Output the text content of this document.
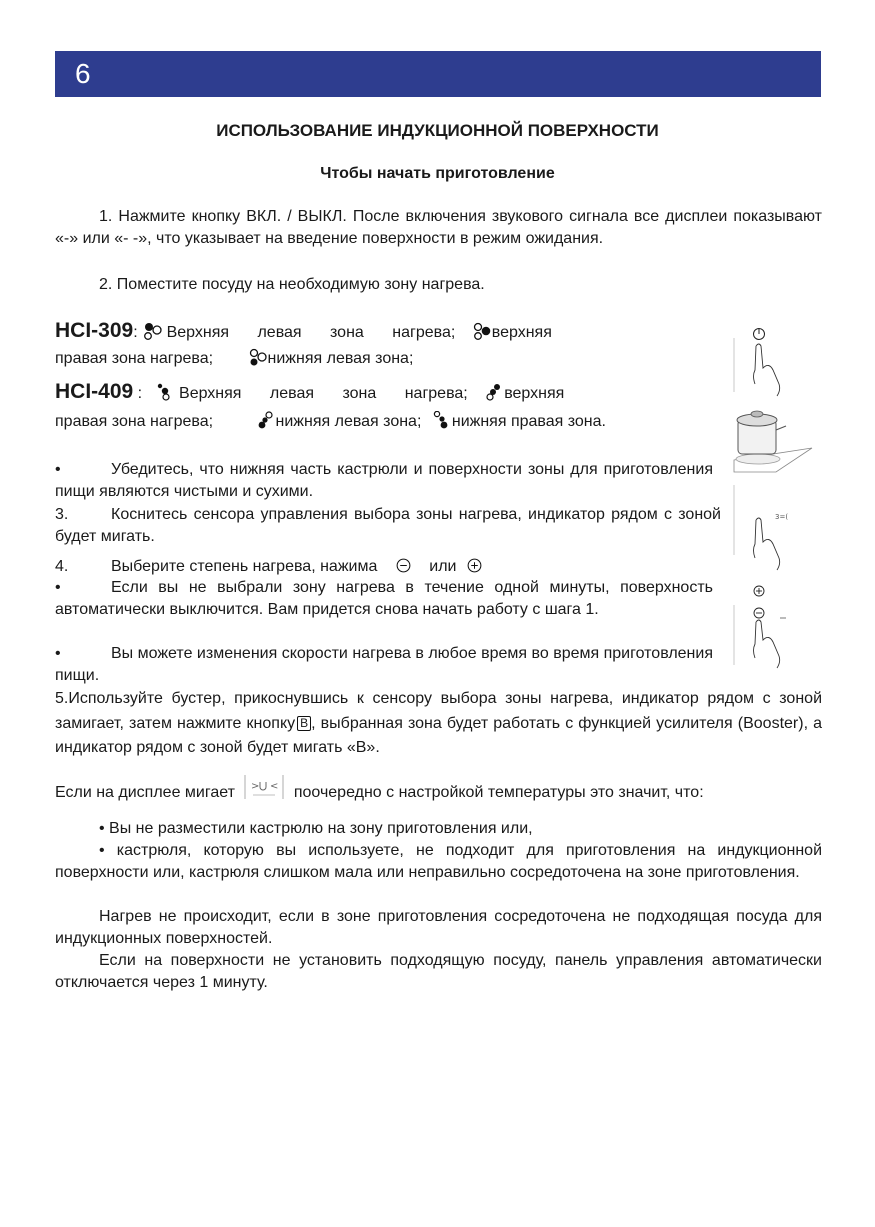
6
ИСПОЛЬЗОВАНИЕ ИНДУКЦИОННОЙ ПОВЕРХНОСТИ
Чтобы начать приготовление

1. Нажмите кнопку ВКЛ. / ВЫКЛ. После включения звукового сигнала все дисплеи показывают «-» или «- -», что указывает на введение поверхности в режим ожидания.

2. Поместите посуду на необходимую зону нагрева.

HCI-309: Верхняя левая зона нагрева; верхняя
правая зона нагрева;	нижняя левая зона;
HCI-409 : Верхняя левая зона нагрева; верхняя
правая зона нагрева;	нижняя левая зона; нижняя правая зона.
•	Убедитесь, что нижняя часть кастрюли и поверхности зоны для приготовления пищи являются чистыми и сухими.

3.	Коснитесь сенсора управления выбора зоны нагрева, индикатор рядом с зоной будет мигать.

4.	Выберите степень нагрева, нажима	или
•	Если вы не выбрали зону нагрева в течение одной минуты, поверхность автоматически выключится. Вам придется снова начать работу с шага 1.

•	Вы можете изменения скорости нагрева в любое время во время приготовления пищи.

5.Используйте бустер, прикоснувшись к сенсору выбора зоны нагрева, индикатор рядом с зоной замигает, затем нажмите кнопку B , выбранная зона будет работать с функцией усилителя (Booster), а индикатор рядом с зоной будет мигать «B».

Если на дисплее мигает > < поочередно с настройкой температуры это значит, что:

• Вы не разместили кастрюлю на зону приготовления или,

• кастрюля, которую вы используете, не подходит для приготовления на индукционной поверхности или, кастрюля слишком мала или неправильно сосредоточена на зоне приготовления.

Нагрев не происходит, если в зоне приготовления сосредоточена не подходящая посуда для индукционных поверхностей.

Если на поверхности не установить подходящую посуду, панель управления автоматически отключается через 1 минуту.

3=(
